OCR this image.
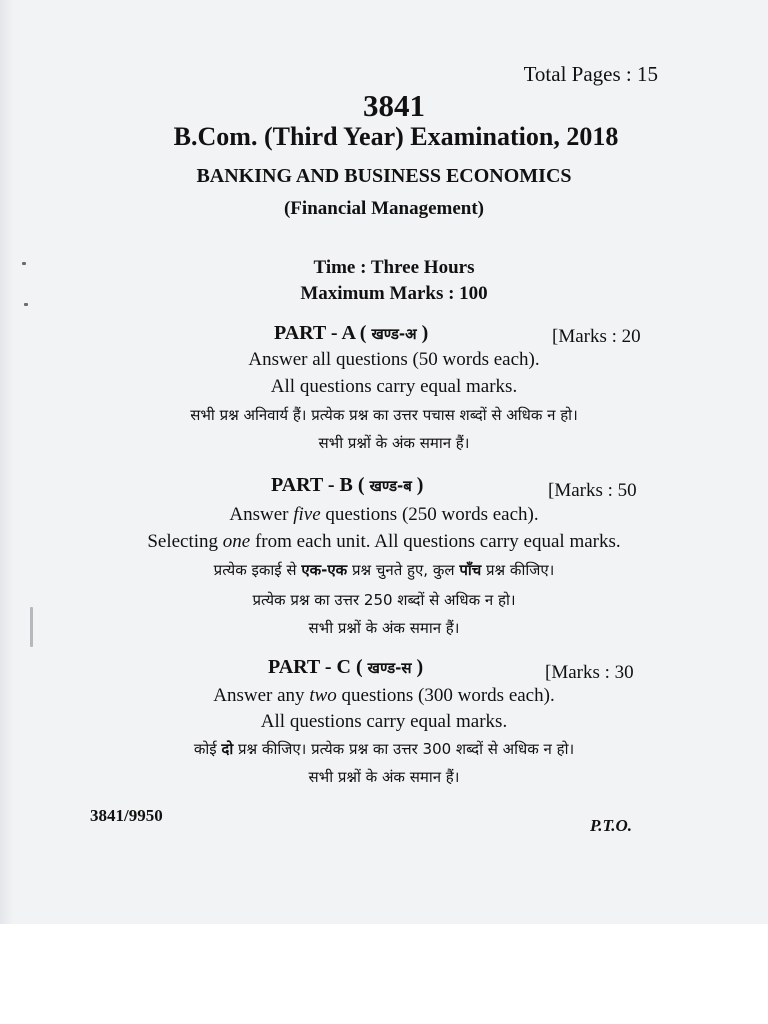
Total Pages : 15
3841
B.Com. (Third Year) Examination, 2018
BANKING AND BUSINESS ECONOMICS
(Financial Management)
Time : Three Hours
Maximum Marks : 100
PART - A ( खण्ड-अ )	[Marks : 20
Answer all questions (50 words each).
All questions carry equal marks.
सभी प्रश्न अनिवार्य हैं। प्रत्येक प्रश्न का उत्तर पचास शब्दों से अधिक न हो।
सभी प्रश्नों के अंक समान हैं।
PART - B ( खण्ड-ब )	[Marks : 50
Answer five questions (250 words each).
Selecting one from each unit. All questions carry equal marks.
प्रत्येक इकाई से एक-एक प्रश्न चुनते हुए, कुल पाँच प्रश्न कीजिए।
प्रत्येक प्रश्न का उत्तर 250 शब्दों से अधिक न हो।
सभी प्रश्नों के अंक समान हैं।
PART - C ( खण्ड-स )	[Marks : 30
Answer any two questions (300 words each).
All questions carry equal marks.
कोई दो प्रश्न कीजिए। प्रत्येक प्रश्न का उत्तर 300 शब्दों से अधिक न हो।
सभी प्रश्नों के अंक समान हैं।
3841/9950
P.T.O.
